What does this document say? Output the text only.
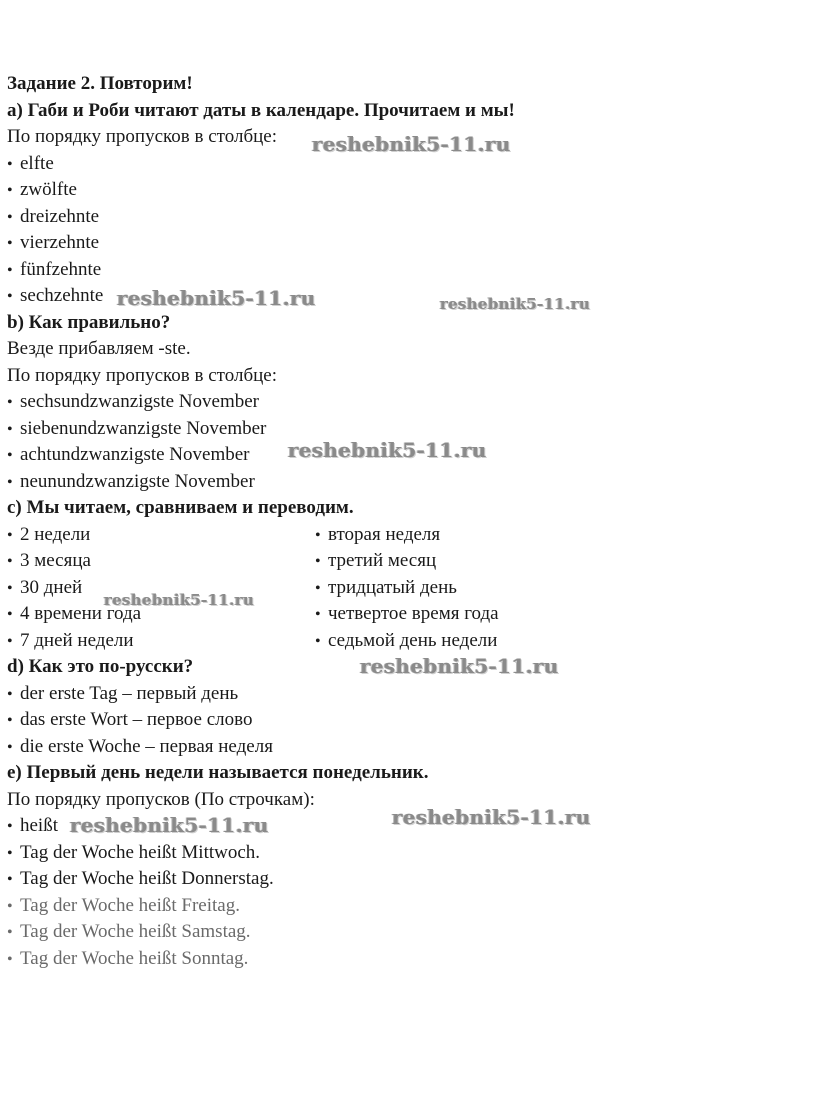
Задание 2. Повторим!
а) Габи и Роби читают даты в календаре. Прочитаем и мы!
По порядку пропусков в столбце:
• elfte
• zwölfte
• dreizehnte
• vierzehnte
• fünfzehnte
• sechzehnte
b) Как правильно?
Везде прибавляем -ste.
По порядку пропусков в столбце:
• sechsundzwanzigste November
• siebenundzwanzigste November
• achtundzwanzigste November
• neunundzwanzigste November
c) Мы читаем, сравниваем и переводим.
• 2 недели	• вторая неделя
• 3 месяца	• третий месяц
• 30 дней	• тридцатый день
• 4 времени года	• четвертое время года
• 7 дней недели	• седьмой день недели
d) Как это по-русски?
• der erste Tag – первый день
• das erste Wort – первое слово
• die erste Woche – первая неделя
e) Первый день недели называется понедельник.
По порядку пропусков (По строчкам):
• heißt
• Tag der Woche heißt Mittwoch.
• Tag der Woche heißt Donnerstag.
• Tag der Woche heißt Freitag.
• Tag der Woche heißt Samstag.
• Tag der Woche heißt Sonntag.
reshebnik5-11.ru
reshebnik5-11.ru	reshebnik5-11.ru
reshebnik5-11.ru
reshebnik5-11.ru
reshebnik5-11.ru
reshebnik5-11.ru
reshebnik5-11.ru
